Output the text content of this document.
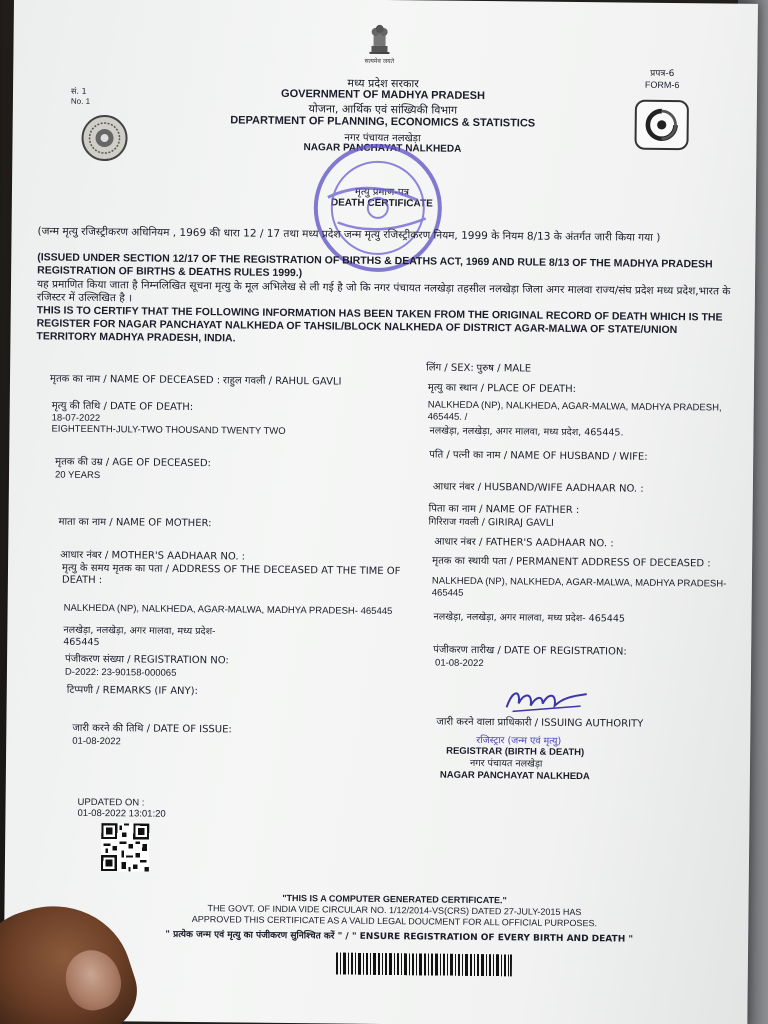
सत्यमेव जयते
प्रपत्र-6
FORM-6
सं. 1
No. 1
मध्य प्रदेश सरकार
GOVERNMENT OF MADHYA PRADESH
योजना, आर्थिक एवं सांख्यिकी विभाग
DEPARTMENT OF PLANNING, ECONOMICS & STATISTICS
नगर पंचायत नलखेड़ा
NAGAR PANCHAYAT NALKHEDA
मृत्यु प्रमाण-पत्र
DEATH CERTIFICATE
(जन्म मृत्यु रजिस्ट्रीकरण अधिनियम , 1969 की धारा 12 / 17 तथा मध्य प्रदेश जन्म मृत्यु रजिस्ट्रीकरण नियम, 1999 के नियम 8/13 के अंतर्गत जारी किया गया )
(ISSUED UNDER SECTION 12/17 OF THE REGISTRATION OF BIRTHS & DEATHS ACT, 1969 AND RULE 8/13 OF THE MADHYA PRADESH REGISTRATION OF BIRTHS & DEATHS RULES 1999.)
यह प्रमाणित किया जाता है निम्नलिखित सूचना मृत्यु के मूल अभिलेख से ली गई है जो कि नगर पंचायत नलखेड़ा तहसील नलखेड़ा जिला अगर मालवा राज्य/संघ प्रदेश मध्य प्रदेश,भारत के रजिस्टर में उल्लिखित है ।
THIS IS TO CERTIFY THAT THE FOLLOWING INFORMATION HAS BEEN TAKEN FROM THE ORIGINAL RECORD OF DEATH WHICH IS THE REGISTER FOR NAGAR PANCHAYAT NALKHEDA OF TAHSIL/BLOCK NALKHEDA OF DISTRICT AGAR-MALWA OF STATE/UNION TERRITORY MADHYA PRADESH, INDIA.
मृतक का नाम / NAME OF DECEASED : राहुल गवली / RAHUL GAVLI
मृत्यु की तिथि / DATE OF DEATH:
18-07-2022
EIGHTEENTH-JULY-TWO THOUSAND TWENTY TWO
मृतक की उम्र / AGE OF DECEASED:
20 YEARS
माता का नाम / NAME OF MOTHER:
आधार नंबर / MOTHER'S AADHAAR NO. :
मृत्यु के समय मृतक का पता / ADDRESS OF THE DECEASED AT THE TIME OF DEATH :
NALKHEDA (NP), NALKHEDA, AGAR-MALWA, MADHYA PRADESH- 465445
नलखेड़ा, नलखेड़ा, अगर मालवा, मध्य प्रदेश- 465445
पंजीकरण संख्या / REGISTRATION NO:
D-2022: 23-90158-000065
टिप्पणी / REMARKS (IF ANY):
जारी करने की तिथि / DATE OF ISSUE:
01-08-2022
UPDATED ON :
01-08-2022 13:01:20
लिंग / SEX: पुरुष / MALE
मृत्यु का स्थान / PLACE OF DEATH:
NALKHEDA (NP), NALKHEDA, AGAR-MALWA, MADHYA PRADESH, 465445. /
नलखेड़ा, नलखेड़ा, अगर मालवा, मध्य प्रदेश, 465445.
पति / पत्नी का नाम / NAME OF HUSBAND / WIFE:
आधार नंबर / HUSBAND/WIFE AADHAAR NO. :
पिता का नाम / NAME OF FATHER :
गिरिराज गवली / GIRIRAJ GAVLI
आधार नंबर / FATHER'S AADHAAR NO. :
मृतक का स्थायी पता / PERMANENT ADDRESS OF DECEASED :
NALKHEDA (NP), NALKHEDA, AGAR-MALWA, MADHYA PRADESH- 465445
नलखेड़ा, नलखेड़ा, अगर मालवा, मध्य प्रदेश- 465445
पंजीकरण तारीख / DATE OF REGISTRATION:
01-08-2022
जारी करने वाला प्राधिकारी / ISSUING AUTHORITY
रजिस्ट्रार (जन्म एवं मृत्यु)
REGISTRAR (BIRTH & DEATH)
नगर पंचायत नलखेड़ा
NAGAR PANCHAYAT NALKHEDA
"THIS IS A COMPUTER GENERATED CERTIFICATE."
THE GOVT. OF INDIA VIDE CIRCULAR NO. 1/12/2014-VS(CRS) DATED 27-JULY-2015 HAS
APPROVED THIS CERTIFICATE AS A VALID LEGAL DOUCMENT FOR ALL OFFICIAL PURPOSES.
" प्रत्येक जन्म एवं मृत्यु का पंजीकरण सुनिश्चित करें " / " ENSURE REGISTRATION OF EVERY BIRTH AND DEATH "
